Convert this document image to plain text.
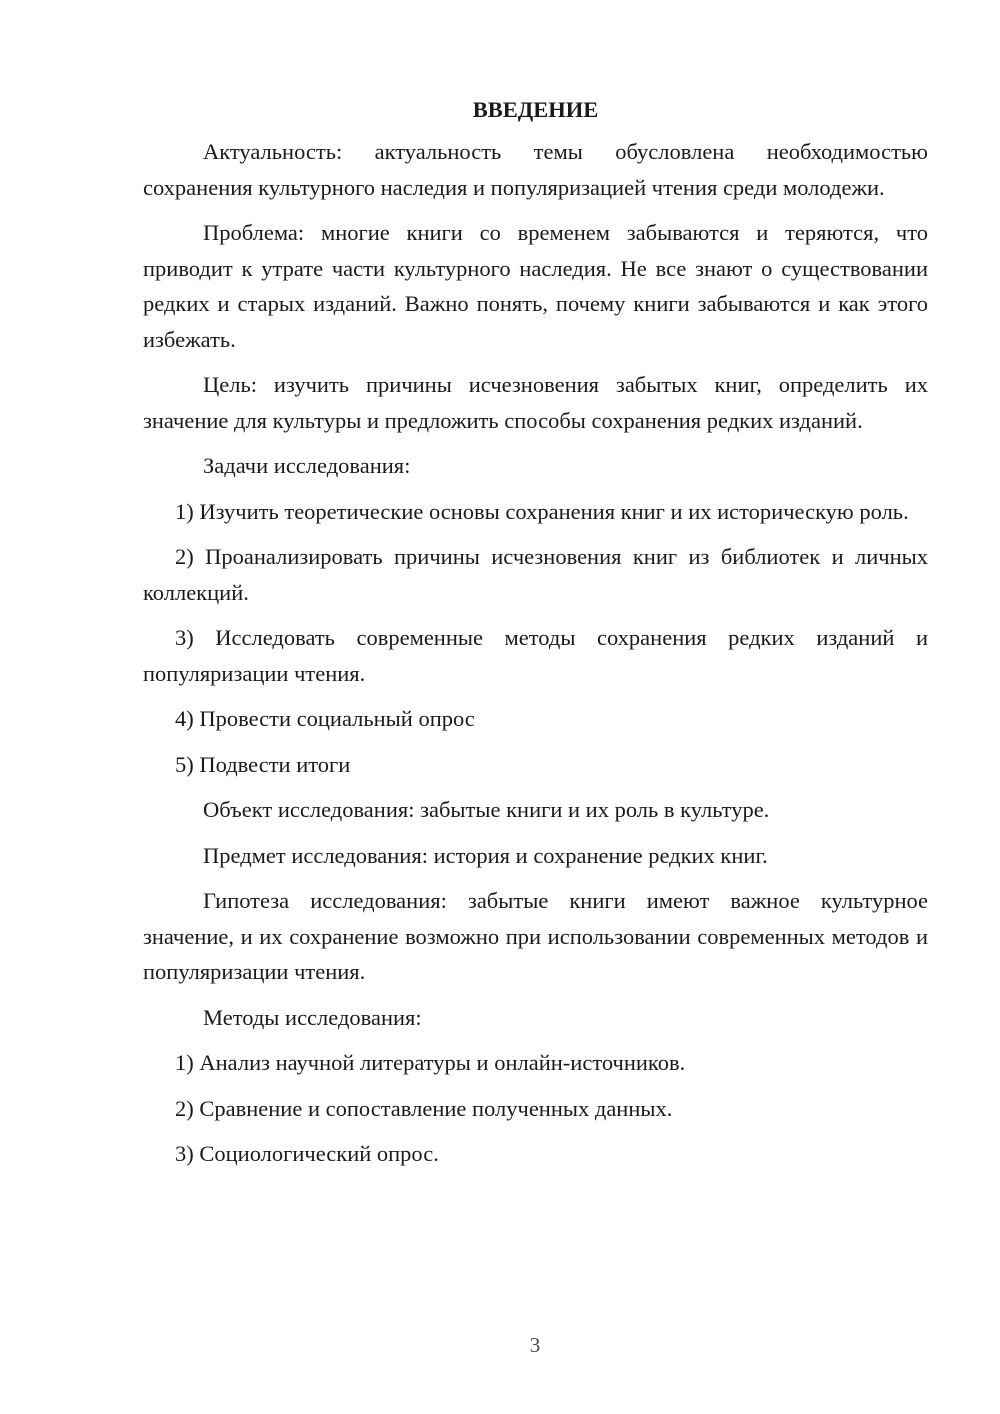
ВВЕДЕНИЕ

Актуальность: актуальность темы обусловлена необходимостью сохранения культурного наследия и популяризацией чтения среди молодежи.

Проблема: многие книги со временем забываются и теряются, что приводит к утрате части культурного наследия. Не все знают о существовании редких и старых изданий. Важно понять, почему книги забываются и как этого избежать.

Цель: изучить причины исчезновения забытых книг, определить их значение для культуры и предложить способы сохранения редких изданий.

Задачи исследования:

1) Изучить теоретические основы сохранения книг и их историческую роль.

2) Проанализировать причины исчезновения книг из библиотек и личных коллекций.

3) Исследовать современные методы сохранения редких изданий и популяризации чтения.

4) Провести социальный опрос

5) Подвести итоги

Объект исследования: забытые книги и их роль в культуре.

Предмет исследования: история и сохранение редких книг.

Гипотеза исследования: забытые книги имеют важное культурное значение, и их сохранение возможно при использовании современных методов и популяризации чтения.

Методы исследования:

1) Анализ научной литературы и онлайн-источников.

2) Сравнение и сопоставление полученных данных.

3) Социологический опрос.

3
